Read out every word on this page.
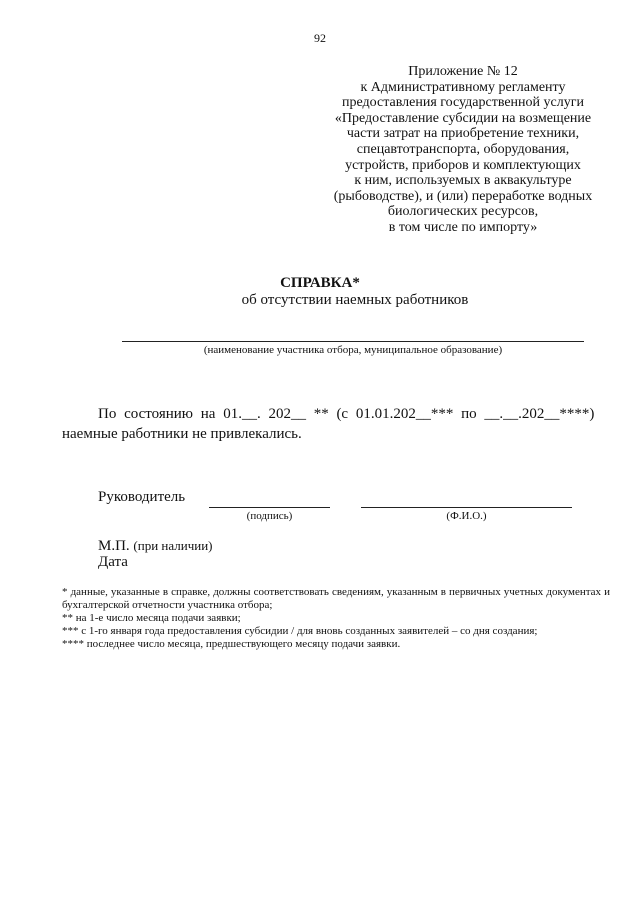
92
Приложение № 12
к Административному регламенту
предоставления государственной услуги
«Предоставление субсидии на возмещение
части затрат на приобретение техники,
спецавтотранспорта, оборудования,
устройств, приборов и комплектующих
к ним, используемых в аквакультуре
(рыбоводстве), и (или) переработке водных
биологических ресурсов,
в том числе по импорту»
СПРАВКА*
об отсутствии наемных работников
(наименование участника отбора, муниципальное образование)
По состоянию на 01.__. 202__ ** (с 01.01.202__*** по __.__.202__****)
наемные работники не привлекались.
Руководитель
(подпись)	(Ф.И.О.)
М.П. (при наличии)
Дата
* данные, указанные в справке, должны соответствовать сведениям, указанным в первичных учетных документах и бухгалтерской отчетности участника отбора;
** на 1-е число месяца подачи заявки;
*** с 1-го января года предоставления субсидии / для вновь созданных заявителей – со дня создания;
**** последнее число месяца, предшествующего месяцу подачи заявки.
